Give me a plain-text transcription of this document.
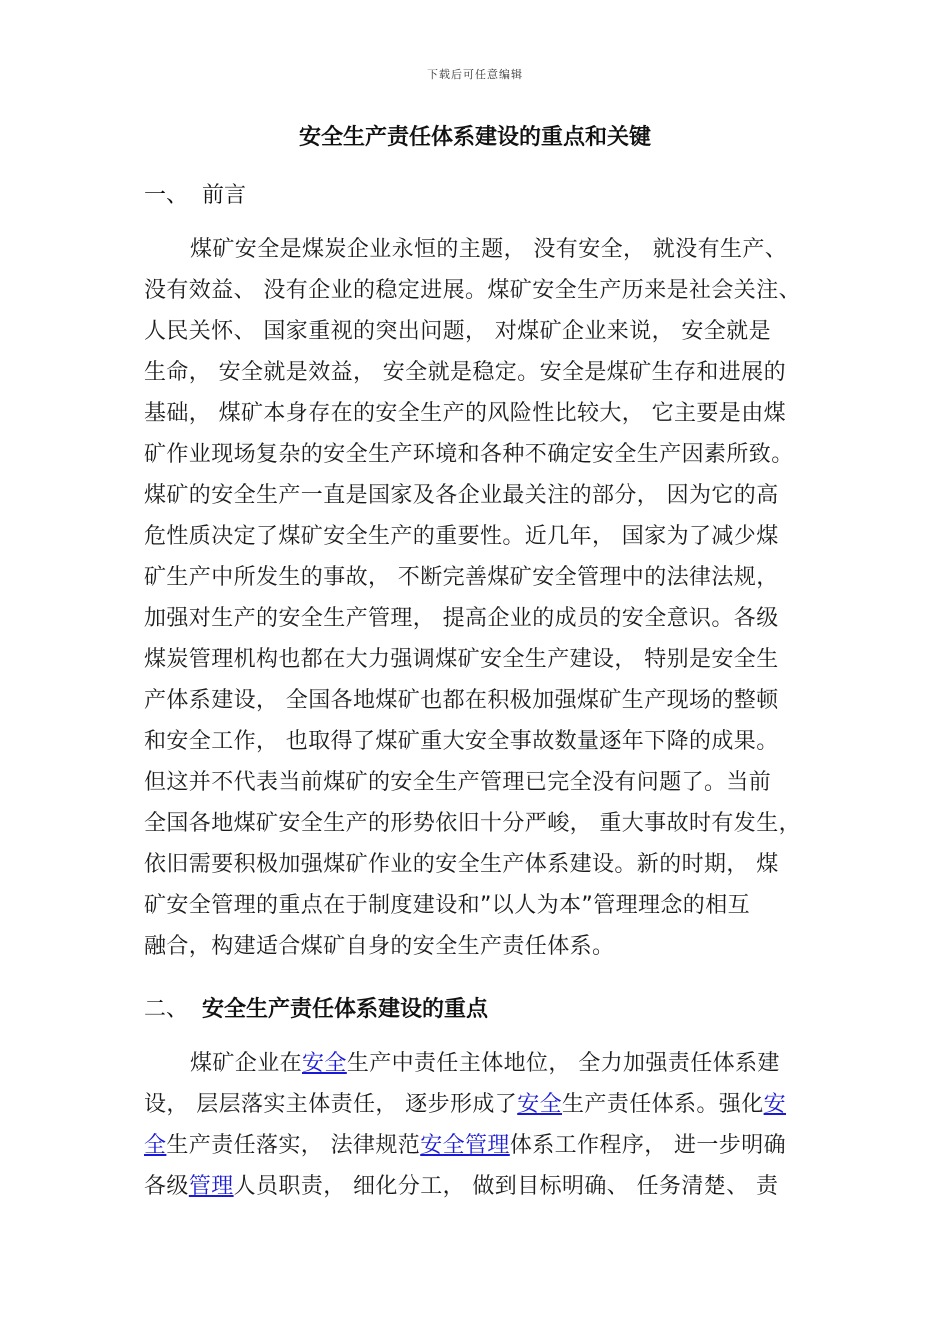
下载后可任意编辑
安全生产责任体系建设的重点和关键
一、 前言
煤矿安全是煤炭企业永恒的主题， 没有安全， 就没有生产、
没有效益、 没有企业的稳定进展。煤矿安全生产历来是社会关注、
人民关怀、 国家重视的突出问题， 对煤矿企业来说， 安全就是
生命， 安全就是效益， 安全就是稳定。安全是煤矿生存和进展的
基础， 煤矿本身存在的安全生产的风险性比较大， 它主要是由煤
矿作业现场复杂的安全生产环境和各种不确定安全生产因素所致。
煤矿的安全生产一直是国家及各企业最关注的部分， 因为它的高
危性质决定了煤矿安全生产的重要性。近几年， 国家为了减少煤
矿生产中所发生的事故， 不断完善煤矿安全管理中的法律法规，
加强对生产的安全生产管理， 提高企业的成员的安全意识。各级
煤炭管理机构也都在大力强调煤矿安全生产建设， 特别是安全生
产体系建设， 全国各地煤矿也都在积极加强煤矿生产现场的整顿
和安全工作， 也取得了煤矿重大安全事故数量逐年下降的成果。
但这并不代表当前煤矿的安全生产管理已完全没有问题了。当前
全国各地煤矿安全生产的形势依旧十分严峻， 重大事故时有发生，
依旧需要积极加强煤矿作业的安全生产体系建设。新的时期， 煤
矿安全管理的重点在于制度建设和”以人为本”管理理念的相互
融合，构建适合煤矿自身的安全生产责任体系。
二、 安全生产责任体系建设的重点
煤矿企业在安全生产中责任主体地位， 全力加强责任体系建
设， 层层落实主体责任， 逐步形成了安全生产责任体系。强化安
全生产责任落实， 法律规范安全管理体系工作程序， 进一步明确
各级管理人员职责， 细化分工， 做到目标明确、 任务清楚、 责
